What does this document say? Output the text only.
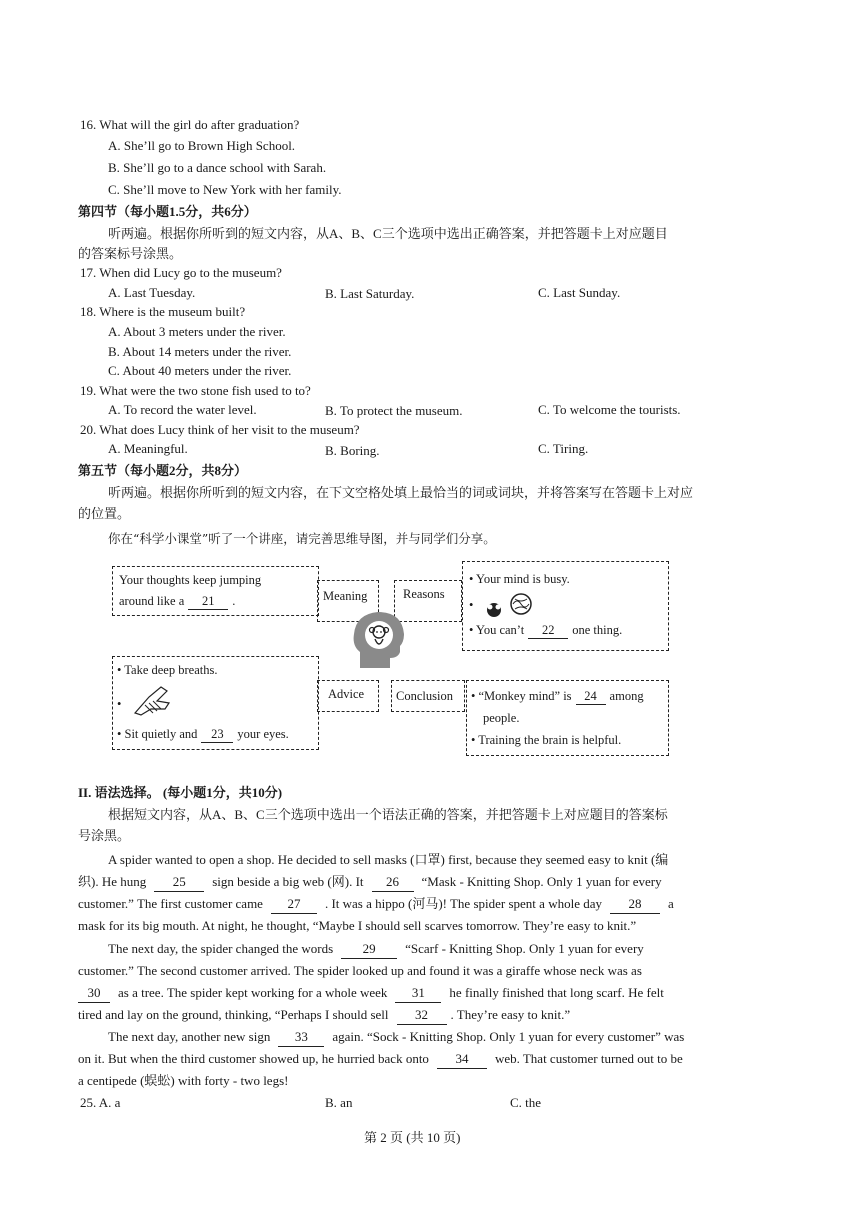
16. What will the girl do after graduation?
A. She’ll go to Brown High School.
B. She’ll go to a dance school with Sarah.
C. She’ll move to New York with her family.
第四节（每小题1.5分，共6分）
听两遍。根据你所听到的短文内容，从A、B、C三个选项中选出正确答案，并把答题卡上对应题目
的答案标号涂黑。
17. When did Lucy go to the museum?
A. Last Tuesday.	B. Last Saturday.	C. Last Sunday.
18. Where is the museum built?
A. About 3 meters under the river.
B. About 14 meters under the river.
C. About 40 meters under the river.
19. What were the two stone fish used to to?
A. To record the water level.	B. To protect the museum.	C. To welcome the tourists.
20. What does Lucy think of her visit to the museum?
A. Meaningful.	B. Boring.	C. Tiring.
第五节（每小题2分，共8分）
听两遍。根据你所听到的短文内容，在下文空格处填上最恰当的词或词块，并将答案写在答题卡上对应
的位置。
你在“科学小课堂”听了一个讲座，请完善思维导图，并与同学们分享。
Your thoughts keep jumping
around like a 21 .	Meaning	Reasons
• Your mind is busy.
•
• You can’t 22 one thing.
• Take deep breaths.
•
• Sit quietly and 23 your eyes.
Advice	Conclusion • “Monkey mind” is 24 among
people.
• Training the brain is helpful.
II. 语法选择。 (每小题1分，共10分)
根据短文内容，从A、B、C三个选项中选出一个语法正确的答案，并把答题卡上对应题目的答案标
号涂黑。
A spider wanted to open a shop. He decided to sell masks (口罩) first, because they seemed easy to knit (编
织). He hung 25 sign beside a big web (网). It 26 “Mask - Knitting Shop. Only 1 yuan for every
customer.” The first customer came 27 . It was a hippo (河马)! The spider spent a whole day 28 a
mask for its big mouth. At night, he thought, “Maybe I should sell scarves tomorrow. They’re easy to knit.”
The next day, the spider changed the words 29 “Scarf - Knitting Shop. Only 1 yuan for every
customer.” The second customer arrived. The spider looked up and found it was a giraffe whose neck was as
30 as a tree. The spider kept working for a whole week 31 he finally finished that long scarf. He felt
tired and lay on the ground, thinking, “Perhaps I should sell 32 . They’re easy to knit.”
The next day, another new sign 33 again. “Sock - Knitting Shop. Only 1 yuan for every customer” was
on it. But when the third customer showed up, he hurried back onto 34 web. That customer turned out to be
a centipede (蜈蚣) with forty - two legs!
25. A. a	B. an	C. the
第 2 页 (共 10 页)
